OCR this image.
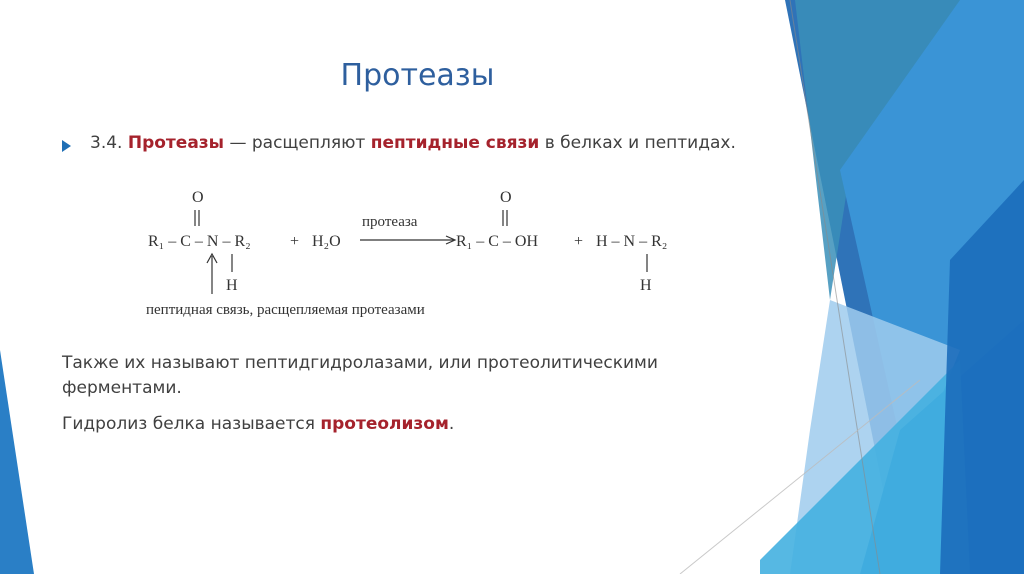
Протеазы
3.4. Протеазы — расщепляют пептидные связи в белках и пептидах.
O
R₁ – C – N – R₂
H
+ H₂O
протеаза
O
R₁ – C – OH + H – N – R₂
H
пептидная связь, расщепляемая протеазами
Также их называют пептидгидролазами, или протеолитическими ферментами.
Гидролиз белка называется протеолизом.
